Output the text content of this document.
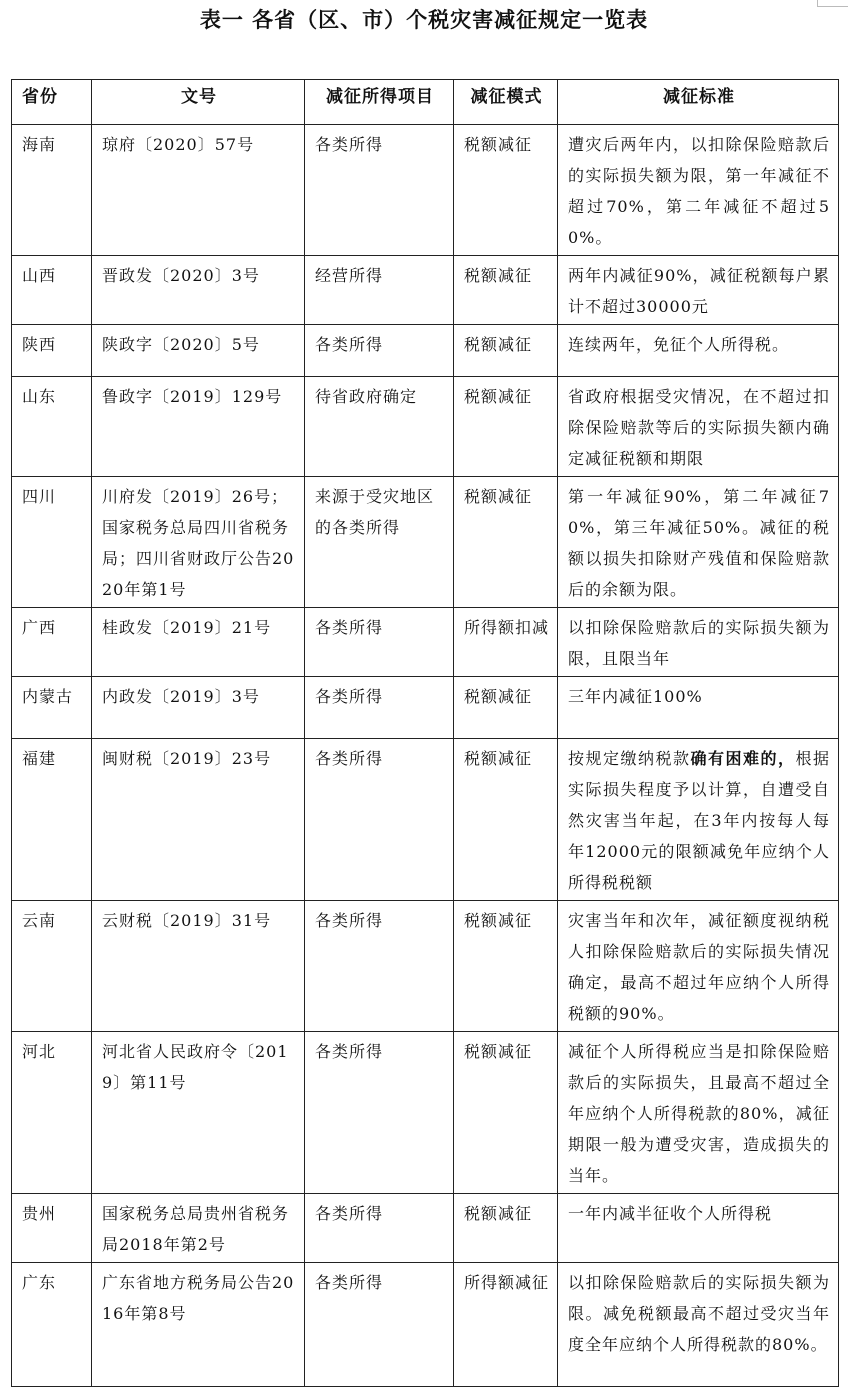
表一 各省（区、市）个税灾害减征规定一览表
省份	文号	减征所得项目	减征模式	减征标准
海南	琼府〔2020〕57号	各类所得	税额减征	遭灾后两年内，以扣除保险赔款后的实际损失额为限，第一年减征不超过70%，第二年减征不超过50%。
山西	晋政发〔2020〕3号	经营所得	税额减征	两年内减征90%，减征税额每户累计不超过30000元
陕西	陕政字〔2020〕5号	各类所得	税额减征	连续两年，免征个人所得税。
山东	鲁政字〔2019〕129号	待省政府确定	税额减征	省政府根据受灾情况，在不超过扣除保险赔款等后的实际损失额内确定减征税额和期限
四川	川府发〔2019〕26号；国家税务总局四川省税务局；四川省财政厅公告2020年第1号	来源于受灾地区的各类所得	税额减征	第一年减征90%，第二年减征70%，第三年减征50%。减征的税额以损失扣除财产残值和保险赔款后的余额为限。
广西	桂政发〔2019〕21号	各类所得	所得额扣减	以扣除保险赔款后的实际损失额为限，且限当年
内蒙古	内政发〔2019〕3号	各类所得	税额减征	三年内减征100%
福建	闽财税〔2019〕23号	各类所得	税额减征	按规定缴纳税款确有困难的，根据实际损失程度予以计算，自遭受自然灾害当年起，在3年内按每人每年12000元的限额减免年应纳个人所得税税额
云南	云财税〔2019〕31号	各类所得	税额减征	灾害当年和次年，减征额度视纳税人扣除保险赔款后的实际损失情况确定，最高不超过年应纳个人所得税额的90%。
河北	河北省人民政府令〔2019〕第11号	各类所得	税额减征	减征个人所得税应当是扣除保险赔款后的实际损失，且最高不超过全年应纳个人所得税款的80%，减征期限一般为遭受灾害，造成损失的当年。
贵州	国家税务总局贵州省税务局2018年第2号	各类所得	税额减征	一年内减半征收个人所得税
广东	广东省地方税务局公告2016年第8号	各类所得	所得额减征	以扣除保险赔款后的实际损失额为限。减免税额最高不超过受灾当年度全年应纳个人所得税款的80%。
